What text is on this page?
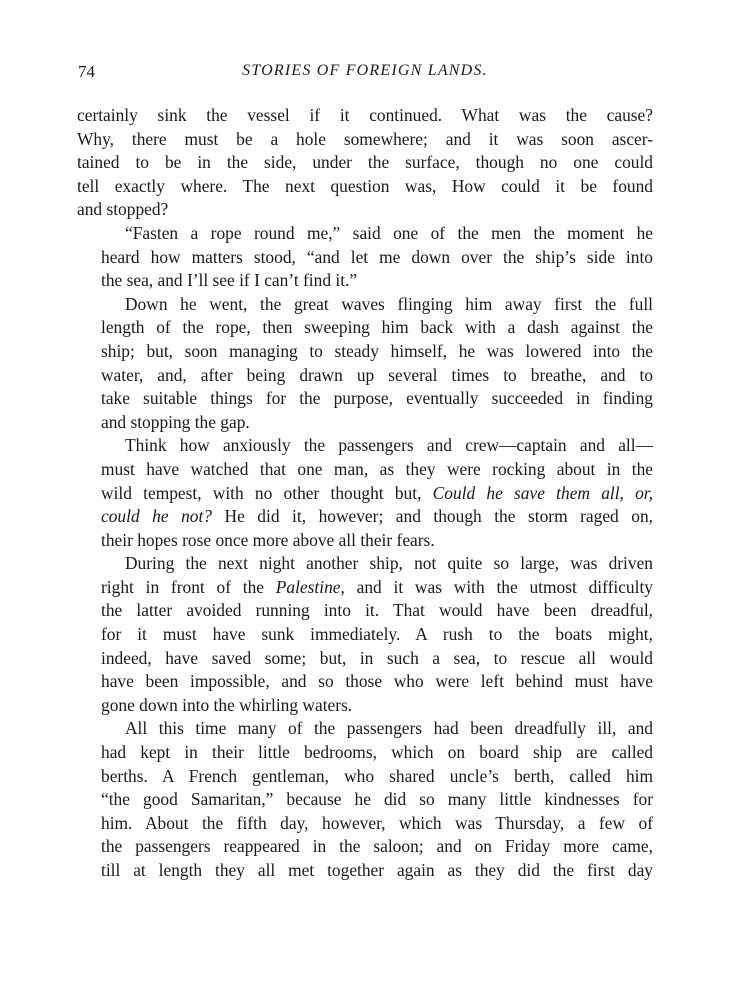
74	STORIES OF FOREIGN LANDS.
certainly sink the vessel if it continued. What was the cause?
Why, there must be a hole somewhere; and it was soon ascer-
tained to be in the side, under the surface, though no one could
tell exactly where. The next question was, How could it be found
and stopped?
“Fasten a rope round me,” said one of the men the moment he
heard how matters stood, “and let me down over the ship’s side into
the sea, and I’ll see if I can’t find it.”
Down he went, the great waves flinging him away first the full
length of the rope, then sweeping him back with a dash against the
ship; but, soon managing to steady himself, he was lowered into the
water, and, after being drawn up several times to breathe, and to
take suitable things for the purpose, eventually succeeded in finding
and stopping the gap.
Think how anxiously the passengers and crew—captain and all—
must have watched that one man, as they were rocking about in the
wild tempest, with no other thought but, Could he save them all, or,
could he not? He did it, however; and though the storm raged on,
their hopes rose once more above all their fears.
During the next night another ship, not quite so large, was driven
right in front of the Palestine, and it was with the utmost difficulty
the latter avoided running into it. That would have been dreadful,
for it must have sunk immediately. A rush to the boats might,
indeed, have saved some; but, in such a sea, to rescue all would
have been impossible, and so those who were left behind must have
gone down into the whirling waters.
All this time many of the passengers had been dreadfully ill, and
had kept in their little bedrooms, which on board ship are called
berths. A French gentleman, who shared uncle’s berth, called him
“the good Samaritan,” because he did so many little kindnesses for
him. About the fifth day, however, which was Thursday, a few of
the passengers reappeared in the saloon; and on Friday more came,
till at length they all met together again as they did the first day
